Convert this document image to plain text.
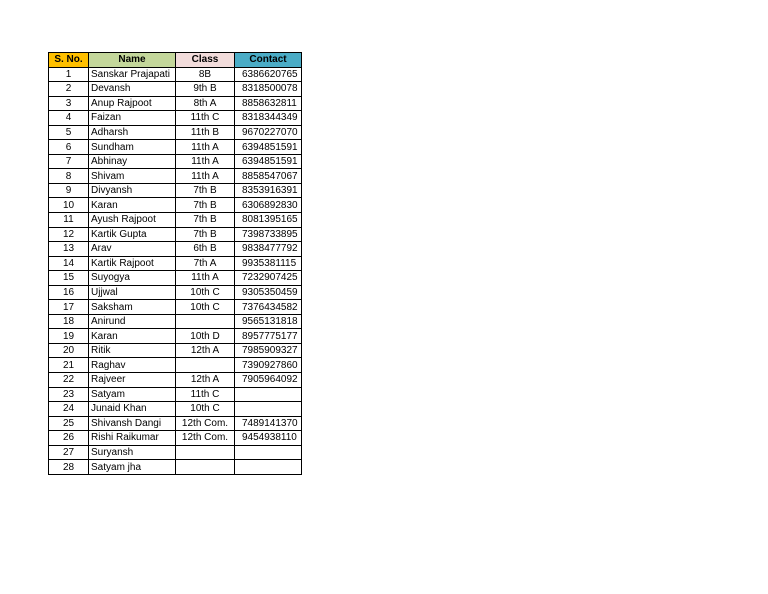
S. No.	Name	Class	Contact
1	Sanskar Prajapati	8B	6386620765
2	Devansh	9th B	8318500078
3	Anup Rajpoot	8th A	8858632811
4	Faizan	11th C	8318344349
5	Adharsh	11th B	9670227070
6	Sundham	11th A	6394851591
7	Abhinay	11th A	6394851591
8	Shivam	11th A	8858547067
9	Divyansh	7th B	8353916391
10	Karan	7th B	6306892830
11	Ayush Rajpoot	7th B	8081395165
12	Kartik Gupta	7th B	7398733895
13	Arav	6th B	9838477792
14	Kartik Rajpoot	7th A	9935381115
15	Suyogya	11th A	7232907425
16	Ujjwal	10th C	9305350459
17	Saksham	10th C	7376434582
18	Anirund		9565131818
19	Karan	10th D	8957775177
20	Ritik	12th A	7985909327
21	Raghav		7390927860
22	Rajveer	12th A	7905964092
23	Satyam	11th C	
24	Junaid Khan	10th C	
25	Shivansh Dangi	12th Com.	7489141370
26	Rishi Raikumar	12th Com.	9454938110
27	Suryansh		
28	Satyam jha		
